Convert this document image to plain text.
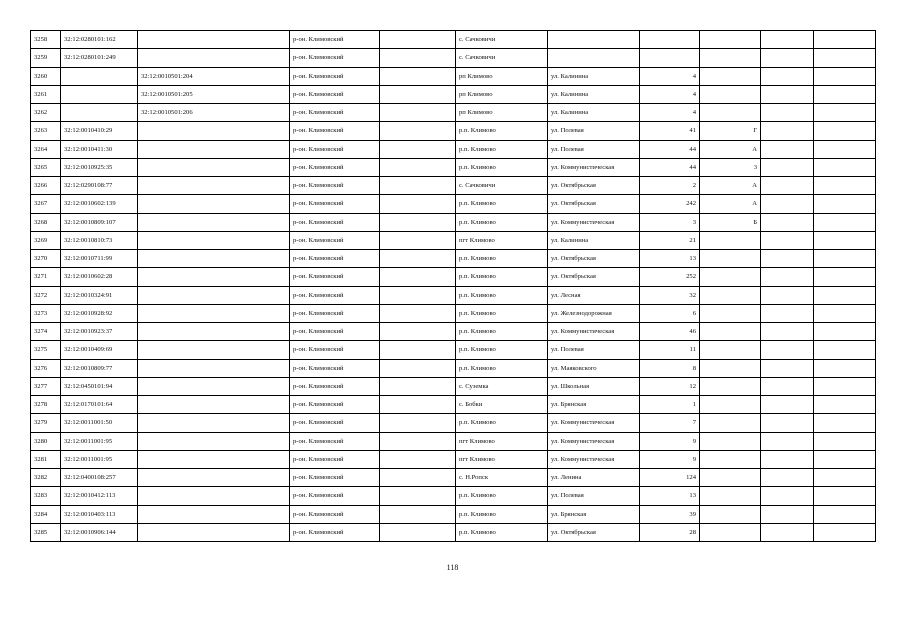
3258	32:12:0280101:162		р-он. Климовский		с. Сачковичи					
3259	32:12:0280101:249		р-он. Климовский		с. Сачковичи					
3260		32:12:0010501:204	р-он. Климовский		рп Климово	ул. Калинина	4			
3261		32:12:0010501:205	р-он. Климовский		рп Климово	ул. Калинина	4			
3262		32:12:0010501:206	р-он. Климовский		рп Климово	ул. Калинина	4			
3263	32:12:0010410:29		р-он. Климовский		р.п. Климово	ул. Полевая	41	Г		
3264	32:12:0010411:30		р-он. Климовский		р.п. Климово	ул. Полевая	44	А		
3265	32:12:0010925:35		р-он. Климовский		р.п. Климово	ул. Коммунистическая	44	3		
3266	32:12:0290108:77		р-он. Климовский		с. Сачковичи	ул. Октябрьская	2	А		
3267	32:12:0010602:139		р-он. Климовский		р.п. Климово	ул. Октябрьская	242	А		
3268	32:12:0010809:107		р-он. Климовский		р.п. Климово	ул. Коммунистическая	3	Б		
3269	32:12:0010810:73		р-он. Климовский		пгт Климово	ул. Калинина	21			
3270	32:12:0010711:99		р-он. Климовский		р.п. Климово	ул. Октябрьская	13			
3271	32:12:0010602:28		р-он. Климовский		р.п. Климово	ул. Октябрьская	252			
3272	32:12:0010324:91		р-он. Климовский		р.п. Климово	ул. Лесная	32			
3273	32:12:0010928:92		р-он. Климовский		р.п. Климово	ул. Железнодорожная	6			
3274	32:12:0010923:37		р-он. Климовский		р.п. Климово	ул. Коммунистическая	46			
3275	32:12:0010409:69		р-он. Климовский		р.п. Климово	ул. Полевая	11			
3276	32:12:0010809:77		р-он. Климовский		р.п. Климово	ул. Маяковского	8			
3277	32:12:0450101:94		р-он. Климовский		с. Суземка	ул. Школьная	12			
3278	32:12:0170101:64		р-он. Климовский		с. Бобки	ул. Брянская	1			
3279	32:12:0011001:50		р-он. Климовский		р.п. Климово	ул. Коммунистическая	7			
3280	32:12:0011001:95		р-он. Климовский		пгт Климово	ул. Коммунистическая	9			
3281	32:12:0011001:95		р-он. Климовский		пгт Климово	ул. Коммунистическая	9			
3282	32:12:0400108:257		р-он. Климовский		с. Н.Ропск	ул. Ленина	124			
3283	32:12:0010412:113		р-он. Климовский		р.п. Климово	ул. Полевая	13			
3284	32:12:0010403:113		р-он. Климовский		р.п. Климово	ул. Брянская	39			
3285	32:12:0010906:144		р-он. Климовский		р.п. Климово	ул. Октябрьская	28			
118
